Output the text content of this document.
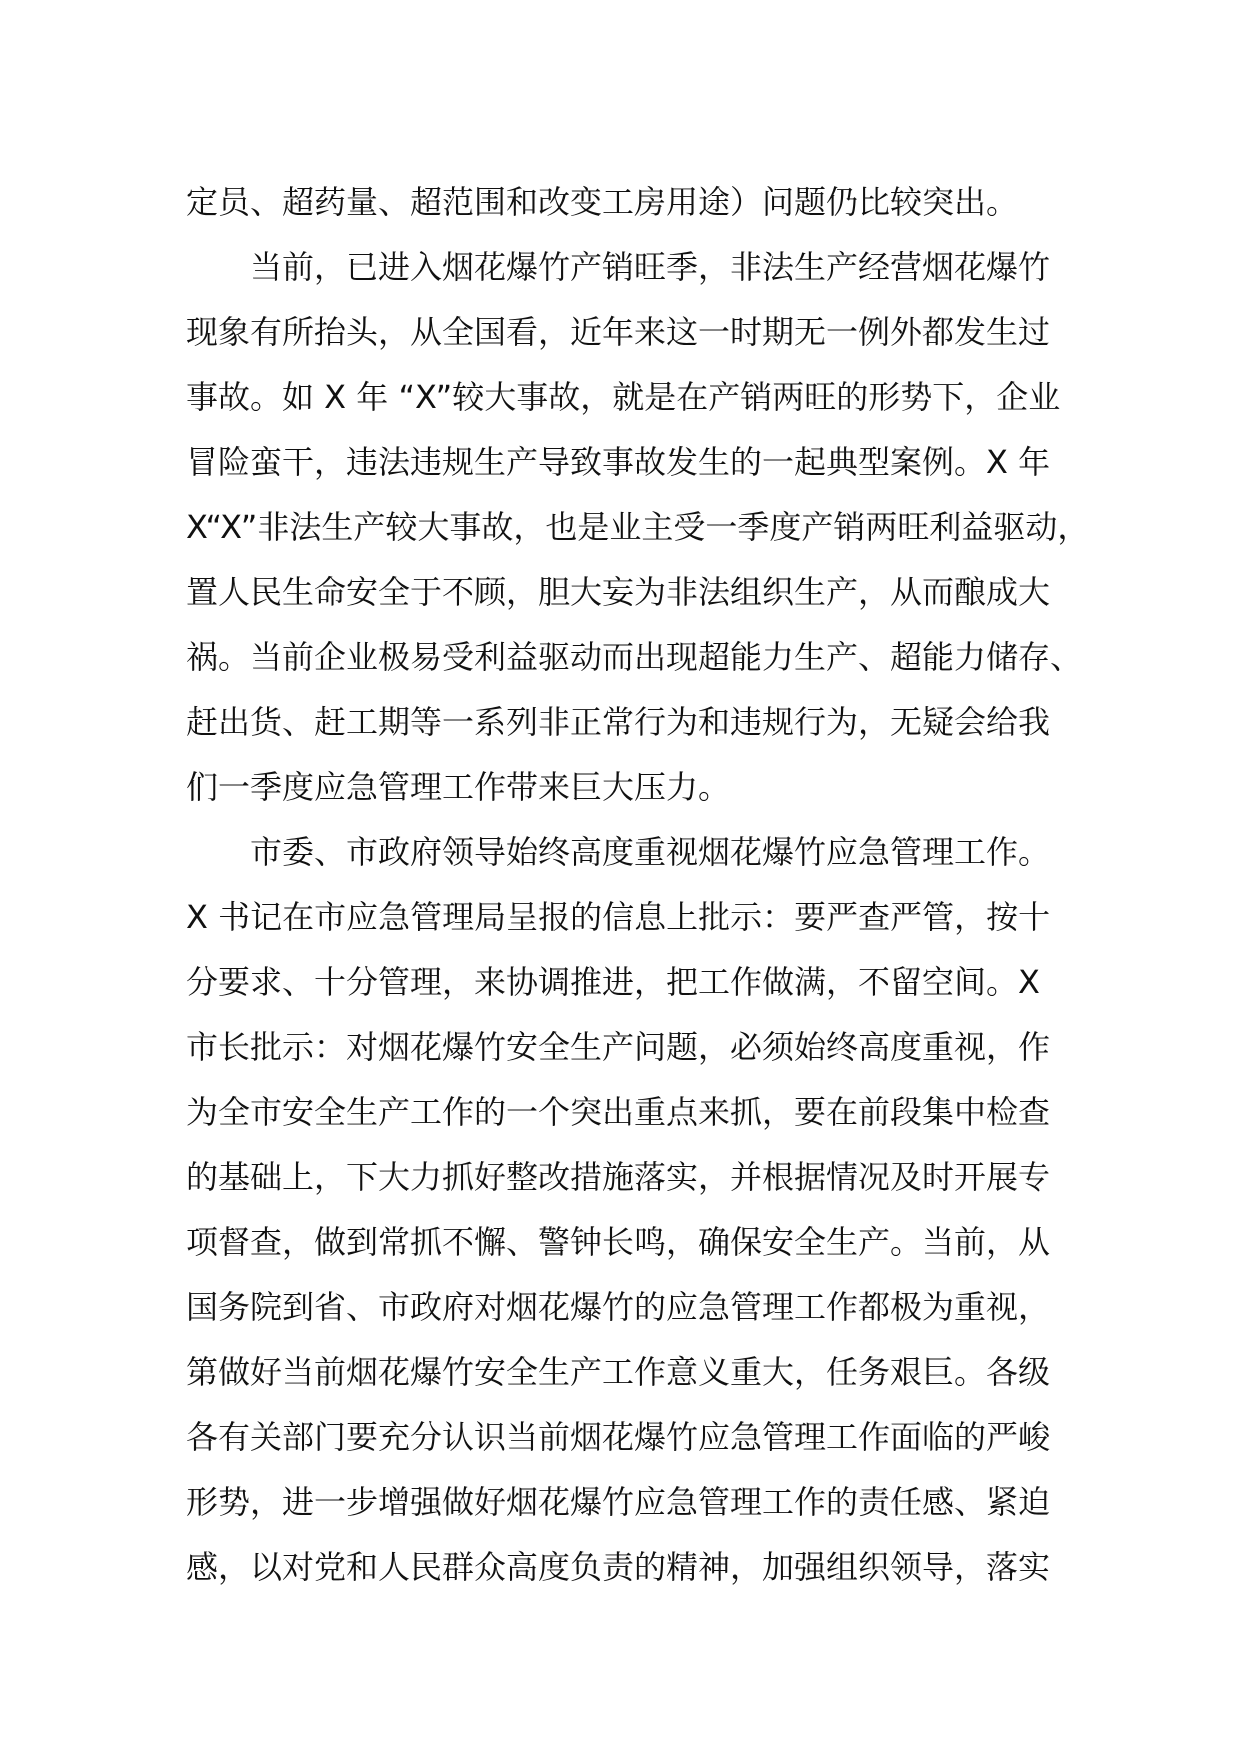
定员、超药量、超范围和改变工房用途）问题仍比较突出。
当前，已进入烟花爆竹产销旺季，非法生产经营烟花爆竹
现象有所抬头，从全国看，近年来这一时期无一例外都发生过
事故。如 X 年 “X”较大事故，就是在产销两旺的形势下，企业
冒险蛮干，违法违规生产导致事故发生的一起典型案例。X 年
X“X”非法生产较大事故，也是业主受一季度产销两旺利益驱动，
置人民生命安全于不顾，胆大妄为非法组织生产，从而酿成大
祸。当前企业极易受利益驱动而出现超能力生产、超能力储存、
赶出货、赶工期等一系列非正常行为和违规行为，无疑会给我
们一季度应急管理工作带来巨大压力。
市委、市政府领导始终高度重视烟花爆竹应急管理工作。
X 书记在市应急管理局呈报的信息上批示：要严查严管，按十
分要求、十分管理，来协调推进，把工作做满，不留空间。X
市长批示：对烟花爆竹安全生产问题，必须始终高度重视，作
为全市安全生产工作的一个突出重点来抓，要在前段集中检查
的基础上，下大力抓好整改措施落实，并根据情况及时开展专
项督查，做到常抓不懈、警钟长鸣，确保安全生产。当前，从
国务院到省、市政府对烟花爆竹的应急管理工作都极为重视，
第做好当前烟花爆竹安全生产工作意义重大，任务艰巨。各级
各有关部门要充分认识当前烟花爆竹应急管理工作面临的严峻
形势，进一步增强做好烟花爆竹应急管理工作的责任感、紧迫
感，以对党和人民群众高度负责的精神，加强组织领导，落实
